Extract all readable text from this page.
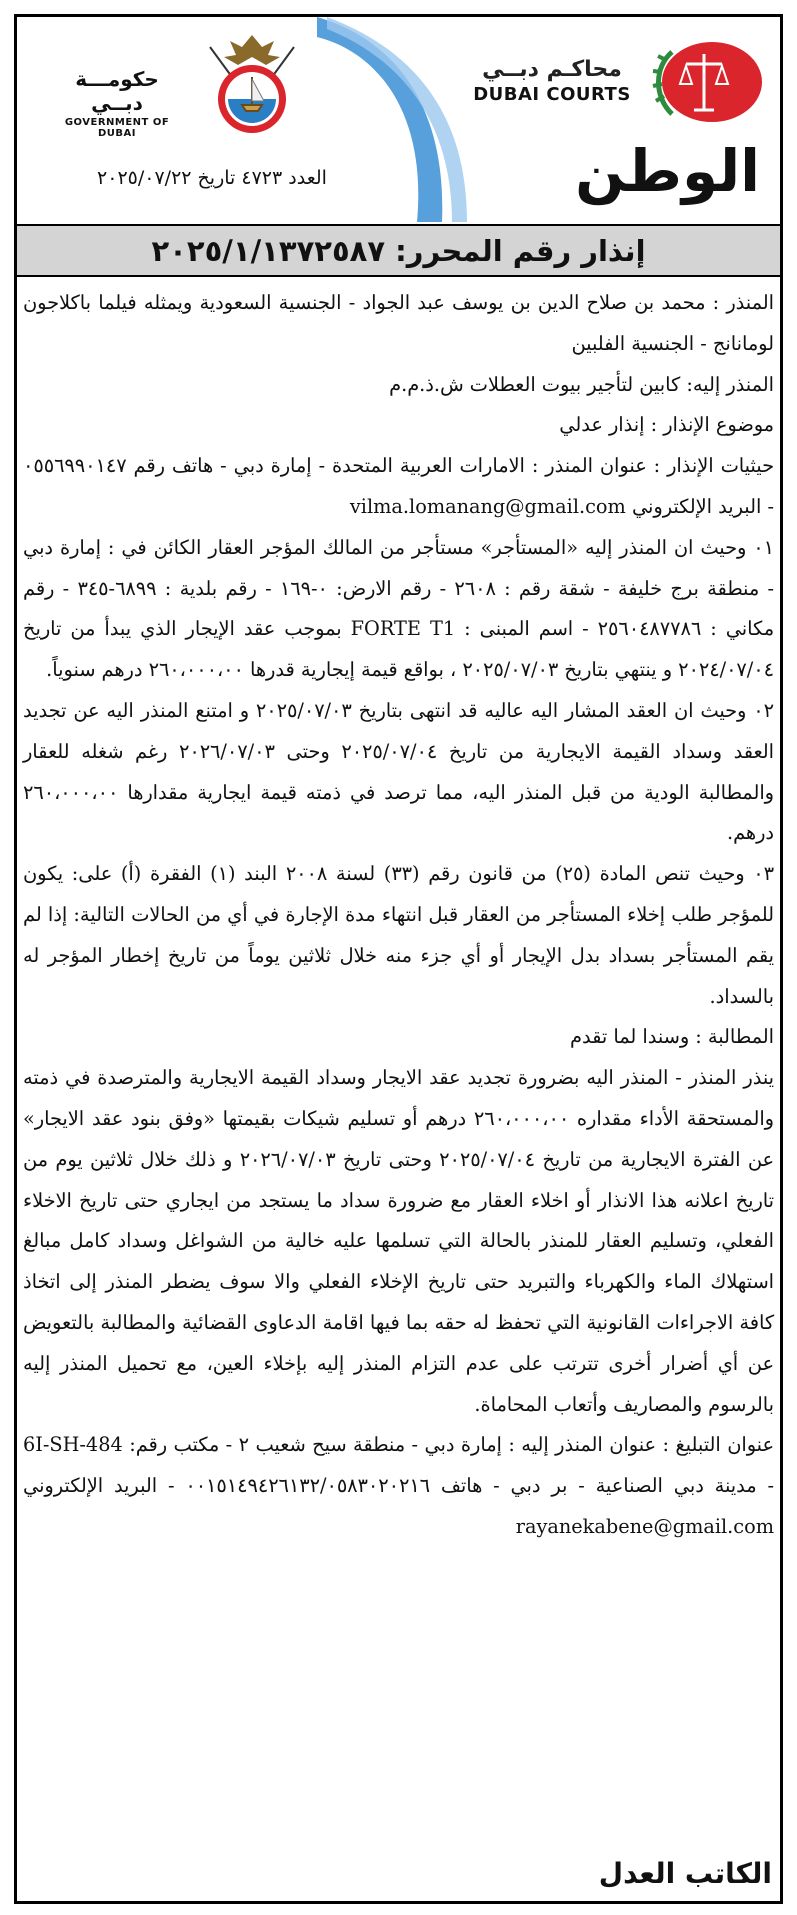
حكومـــة دبــي
GOVERNMENT OF DUBAI
محاكـم دبــي
DUBAI COURTS
العدد ٤٧٢٣ تاريخ ٢٠٢٥/٠٧/٢٢	الوطن
إنذار رقم المحرر: ٢٠٢٥/١/١٣٧٢٥٨٧

المنذر : محمد بن صلاح الدين بن يوسف عبد الجواد - الجنسية السعودية ويمثله فيلما باكلاجون لومانانج - الجنسية الفلبين

المنذر إليه: كابين لتأجير بيوت العطلات ش.ذ.م.م

موضوع الإنذار : إنذار عدلي

حيثيات الإنذار : عنوان المنذر : الامارات العربية المتحدة - إمارة دبي - هاتف رقم ٠٥٥٦٩٩٠١٤٧ - البريد الإلكتروني vilma.lomanang@gmail.com

٠١ وحيث ان المنذر إليه «المستأجر» مستأجر من المالك المؤجر العقار الكائن في : إمارة دبي - منطقة برج خليفة - شقة رقم : ٢٦٠٨ - رقم الارض: ٠-١٦٩ - رقم بلدية : ٦٨٩٩-٣٤٥ - رقم مكاني : ٢٥٦٠٤٨٧٧٨٦ - اسم المبنى : FORTE T1 بموجب عقد الإيجار الذي يبدأ من تاريخ ٢٠٢٤/٠٧/٠٤ و ينتهي بتاريخ ٢٠٢٥/٠٧/٠٣ ، بواقع قيمة إيجارية قدرها ٢٦٠،٠٠٠،٠٠ درهم سنوياً.

٠٢ وحيث ان العقد المشار اليه عاليه قد انتهى بتاريخ ٢٠٢٥/٠٧/٠٣ و امتنع المنذر اليه عن تجديد العقد وسداد القيمة الايجارية من تاريخ ٢٠٢٥/٠٧/٠٤ وحتى ٢٠٢٦/٠٧/٠٣ رغم شغله للعقار والمطالبة الودية من قبل المنذر اليه، مما ترصد في ذمته قيمة ايجارية مقدارها ٢٦٠،٠٠٠،٠٠ درهم.

٠٣ وحيث تنص المادة (٢٥) من قانون رقم (٣٣) لسنة ٢٠٠٨ البند (١) الفقرة (أ) على: يكون للمؤجر طلب إخلاء المستأجر من العقار قبل انتهاء مدة الإجارة في أي من الحالات التالية: إذا لم يقم المستأجر بسداد بدل الإيجار أو أي جزء منه خلال ثلاثين يوماً من تاريخ إخطار المؤجر له بالسداد.

المطالبة : وسندا لما تقدم

ينذر المنذر - المنذر اليه بضرورة تجديد عقد الايجار وسداد القيمة الايجارية والمترصدة في ذمته والمستحقة الأداء مقداره ٢٦٠،٠٠٠،٠٠ درهم أو تسليم شيكات بقيمتها «وفق بنود عقد الايجار» عن الفترة الايجارية من تاريخ ٢٠٢٥/٠٧/٠٤ وحتى تاريخ ٢٠٢٦/٠٧/٠٣ و ذلك خلال ثلاثين يوم من تاريخ اعلانه هذا الانذار أو اخلاء العقار مع ضرورة سداد ما يستجد من ايجاري حتى تاريخ الاخلاء الفعلي، وتسليم العقار للمنذر بالحالة التي تسلمها عليه خالية من الشواغل وسداد كامل مبالغ استهلاك الماء والكهرباء والتبريد حتى تاريخ الإخلاء الفعلي والا سوف يضطر المنذر إلى اتخاذ كافة الاجراءات القانونية التي تحفظ له حقه بما فيها اقامة الدعاوى القضائية والمطالبة بالتعويض عن أي أضرار أخرى تترتب على عدم التزام المنذر إليه بإخلاء العين، مع تحميل المنذر إليه بالرسوم والمصاريف وأتعاب المحاماة.

عنوان التبليغ : عنوان المنذر إليه : إمارة دبي - منطقة سيح شعيب ٢ - مكتب رقم: 6I-SH-484 - مدينة دبي الصناعية - بر دبي - هاتف ٠٠١٥١٤٩٤٢٦١٣٢/٠٥٨٣٠٢٠٢١٦ - البريد الإلكتروني rayanekabene@gmail.com

الكاتب العدل
